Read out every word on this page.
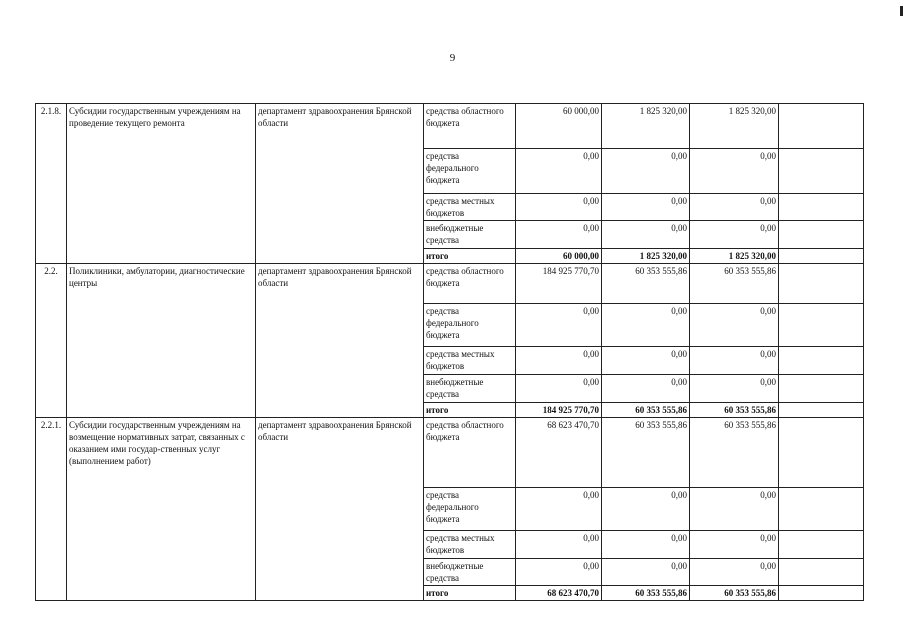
9
2.1.8.	Субсидии государственным учреждениям на проведение текущего ремонта	департамент здравоохранения Брянской области	средства областного бюджета	60 000,00	1 825 320,00	1 825 320,00	
			средства федерального бюджета	0,00	0,00	0,00	
			средства местных бюджетов	0,00	0,00	0,00	
			внебюджетные средства	0,00	0,00	0,00	
			итого	60 000,00	1 825 320,00	1 825 320,00	
2.2.	Поликлиники, амбулатории, диагностические центры	департамент здравоохранения Брянской области	средства областного бюджета	184 925 770,70	60 353 555,86	60 353 555,86	
			средства федерального бюджета	0,00	0,00	0,00	
			средства местных бюджетов	0,00	0,00	0,00	
			внебюджетные средства	0,00	0,00	0,00	
			итого	184 925 770,70	60 353 555,86	60 353 555,86	
2.2.1.	Субсидии государственным учреждениям на возмещение нормативных затрат, связанных с оказанием ими государ-ственных услуг (выполнением работ)	департамент здравоохранения Брянской области	средства областного бюджета	68 623 470,70	60 353 555,86	60 353 555,86	
			средства федерального бюджета	0,00	0,00	0,00	
			средства местных бюджетов	0,00	0,00	0,00	
			внебюджетные средства	0,00	0,00	0,00	
			итого	68 623 470,70	60 353 555,86	60 353 555,86	
